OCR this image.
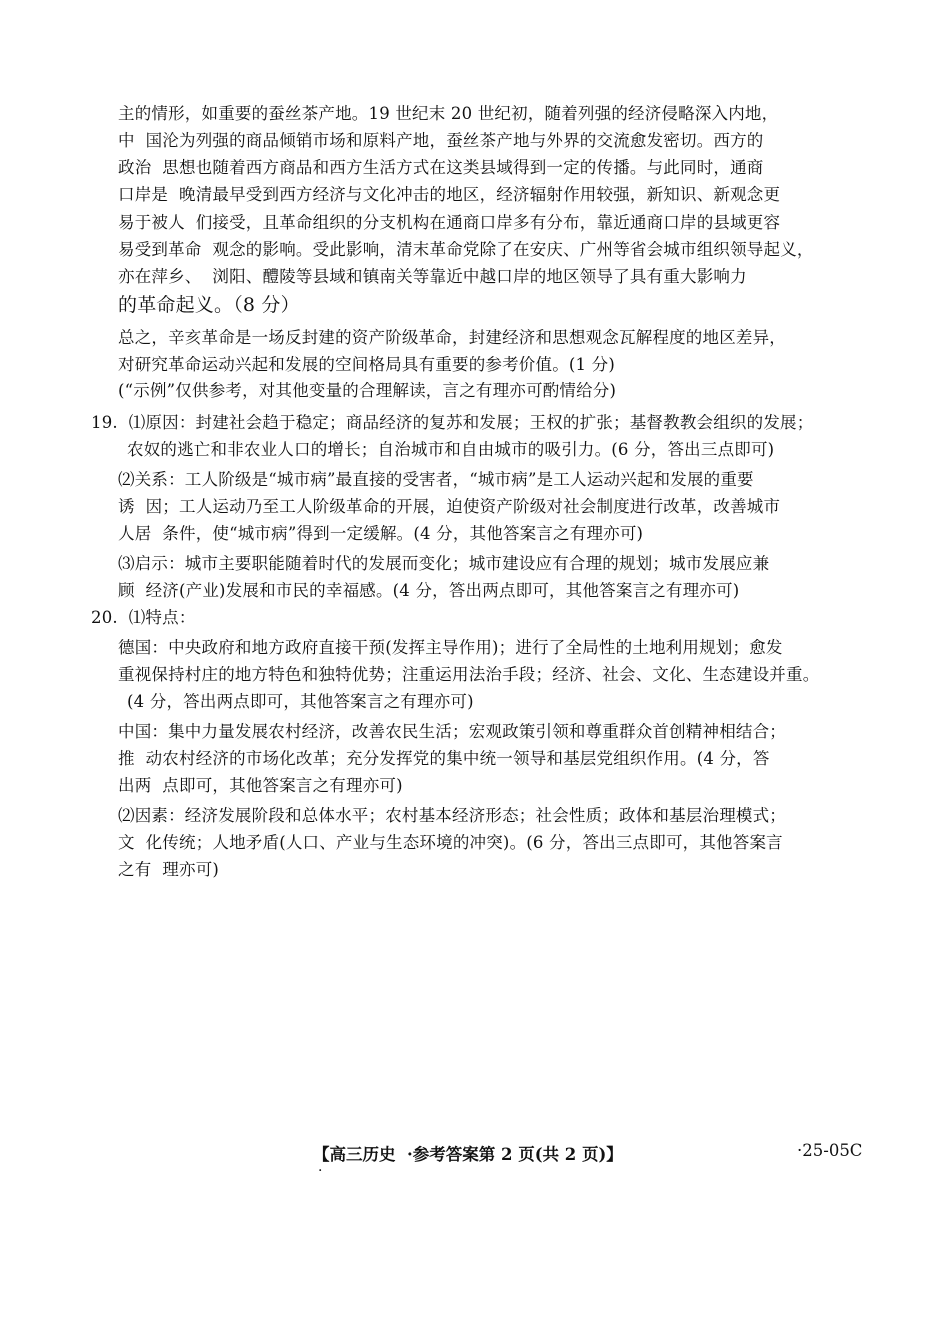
主的情形，如重要的蚕丝茶产地。19 世纪末 20 世纪初，随着列强的经济侵略深入内地，
中  国沦为列强的商品倾销市场和原料产地，蚕丝茶产地与外界的交流愈发密切。西方的
政治  思想也随着西方商品和西方生活方式在这类县域得到一定的传播。与此同时，通商
口岸是  晚清最早受到西方经济与文化冲击的地区，经济辐射作用较强，新知识、新观念更
易于被人  们接受，且革命组织的分支机构在通商口岸多有分布，靠近通商口岸的县域更容
易受到革命  观念的影响。受此影响，清末革命党除了在安庆、广州等省会城市组织领导起义，
亦在萍乡、  浏阳、醴陵等县域和镇南关等靠近中越口岸的地区领导了具有重大影响力
的革命起义。（8 分）
总之，辛亥革命是一场反封建的资产阶级革命，封建经济和思想观念瓦解程度的地区差异，
对研究革命运动兴起和发展的空间格局具有重要的参考价值。(1 分)
(“示例”仅供参考，对其他变量的合理解读，言之有理亦可酌情给分)
19.  ⑴原因：封建社会趋于稳定；商品经济的复苏和发展；王权的扩张；基督教教会组织的发展；
农奴的逃亡和非农业人口的增长；自治城市和自由城市的吸引力。(6 分，答出三点即可)
⑵关系：工人阶级是“城市病”最直接的受害者，“城市病”是工人运动兴起和发展的重要
诱  因；工人运动乃至工人阶级革命的开展，迫使资产阶级对社会制度进行改革，改善城市
人居  条件，使“城市病”得到一定缓解。(4 分，其他答案言之有理亦可)
⑶启示：城市主要职能随着时代的发展而变化；城市建设应有合理的规划；城市发展应兼
顾  经济(产业)发展和市民的幸福感。(4 分，答出两点即可，其他答案言之有理亦可)
20.  ⑴特点：
德国：中央政府和地方政府直接干预(发挥主导作用)；进行了全局性的土地利用规划；愈发
重视保持村庄的地方特色和独特优势；注重运用法治手段；经济、社会、文化、生态建设并重。
(4 分，答出两点即可，其他答案言之有理亦可)
中国：集中力量发展农村经济，改善农民生活；宏观政策引领和尊重群众首创精神相结合；
推  动农村经济的市场化改革；充分发挥党的集中统一领导和基层党组织作用。(4 分，答
出两  点即可，其他答案言之有理亦可)
⑵因素：经济发展阶段和总体水平；农村基本经济形态；社会性质；政体和基层治理模式；
文  化传统；人地矛盾(人口、产业与生态环境的冲突)。(6 分，答出三点即可，其他答案言
之有  理亦可)
【高三历史  ·参考答案第 2 页(共 2 页)】	·25-05C
·
